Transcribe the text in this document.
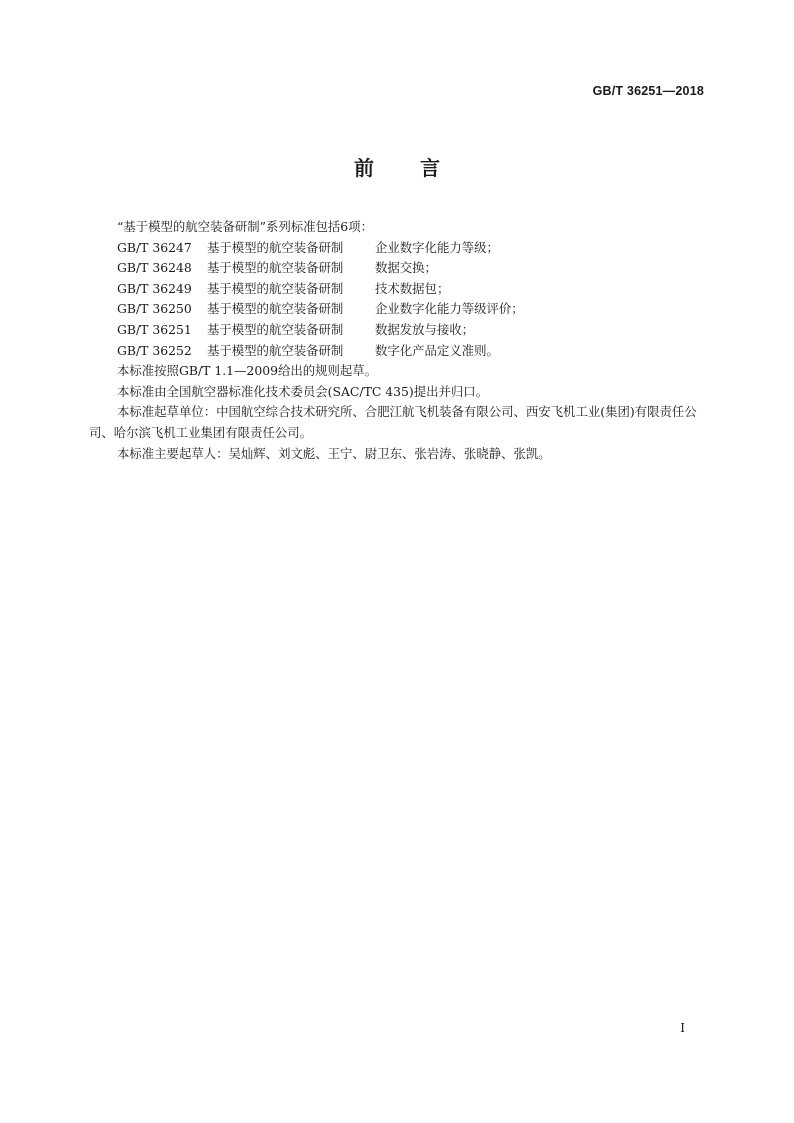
GB/T 36251—2018
前言

“基于模型的航空装备研制”系列标准包括6项：

GB/T 36247 基于模型的航空装备研制	企业数字化能力等级；
GB/T 36248 基于模型的航空装备研制	数据交换；
GB/T 36249 基于模型的航空装备研制	技术数据包；
GB/T 36250 基于模型的航空装备研制	企业数字化能力等级评价；
GB/T 36251 基于模型的航空装备研制	数据发放与接收；
GB/T 36252 基于模型的航空装备研制	数字化产品定义准则。

本标准按照GB/T 1.1—2009给出的规则起草。

本标准由全国航空器标准化技术委员会(SAC/TC 435)提出并归口。

本标准起草单位：中国航空综合技术研究所、合肥江航飞机装备有限公司、西安飞机工业(集团)有限责任公司、哈尔滨飞机工业集团有限责任公司。

本标准主要起草人：吴灿辉、刘文彪、王宁、尉卫东、张岩涛、张晓静、张凯。

I
